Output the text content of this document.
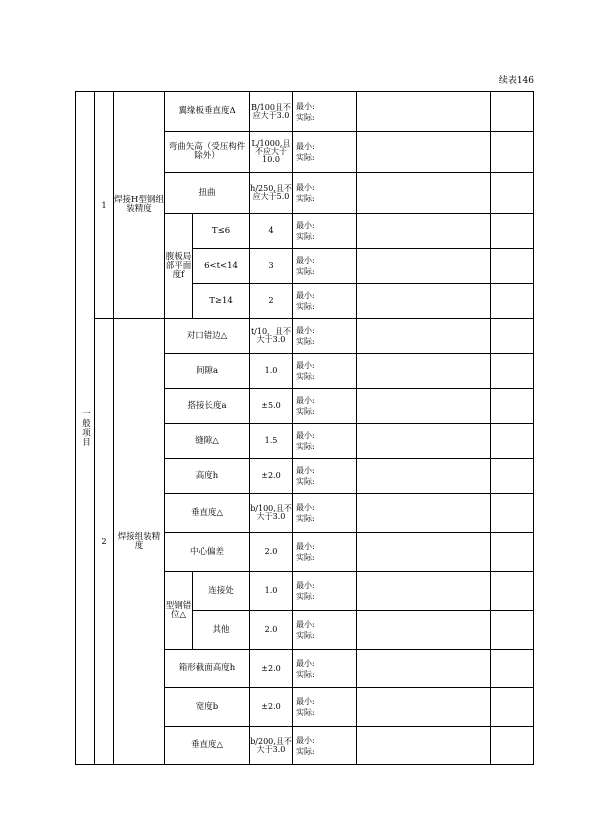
续表146
一般项目	1	焊接H型钢组装精度	翼缘板垂直度Δ		B/100且不应大于3.0	最小:
实际:		
			弯曲矢高（受压构件除外）		L/1000,且不应大于10.0	最小:
实际:		
			扭曲		h/250,且不应大于5.0	最小:
实际:		
			腹板局部平面度f	T≤6	4	最小:
实际:		
				6<t<14	3	最小:
实际:		
				T≥14	2	最小:
实际:		
	2	焊接组装精度	对口错边△		t/10，且不大于3.0	最小:
实际:		
			间隙a		1.0	最小:
实际:		
			搭接长度a		±5.0	最小:
实际:		
			缝隙△		1.5	最小:
实际:		
			高度h		±2.0	最小:
实际:		
			垂直度△		b/100,且不大于3.0	最小:
实际:		
			中心偏差		2.0	最小:
实际:		
			型钢错位△	连接处	1.0	最小:
实际:		
				其他	2.0	最小:
实际:		
			箱形截面高度h		±2.0	最小:
实际:		
			宽度b		±2.0	最小:
实际:		
			垂直度△		b/200,且不大于3.0	最小:
实际:		
